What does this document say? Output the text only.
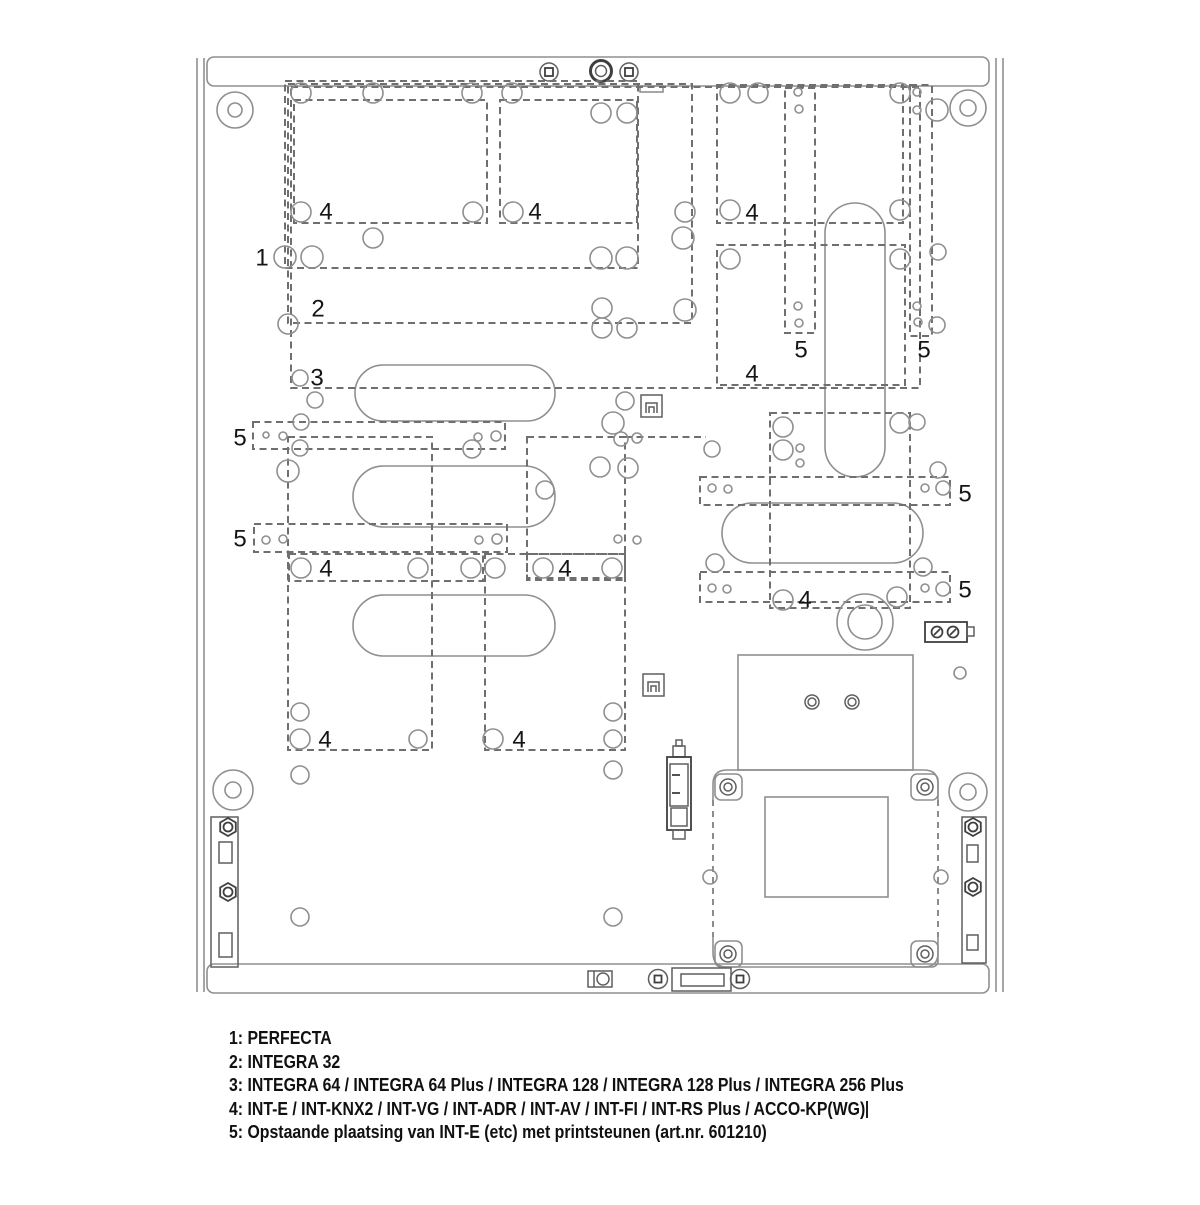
1
2
3
4	4	4
4
4	4
4
4	4
5
5
5	5
5
5
1: PERFECTA
2: INTEGRA 32
3: INTEGRA 64 / INTEGRA 64 Plus / INTEGRA 128 / INTEGRA 128 Plus / INTEGRA 256 Plus
4: INT-E / INT-KNX2 / INT-VG / INT-ADR / INT-AV / INT-FI / INT-RS Plus / ACCO-KP(WG)
5: Opstaande plaatsing van INT-E (etc) met printsteunen (art.nr. 601210)
